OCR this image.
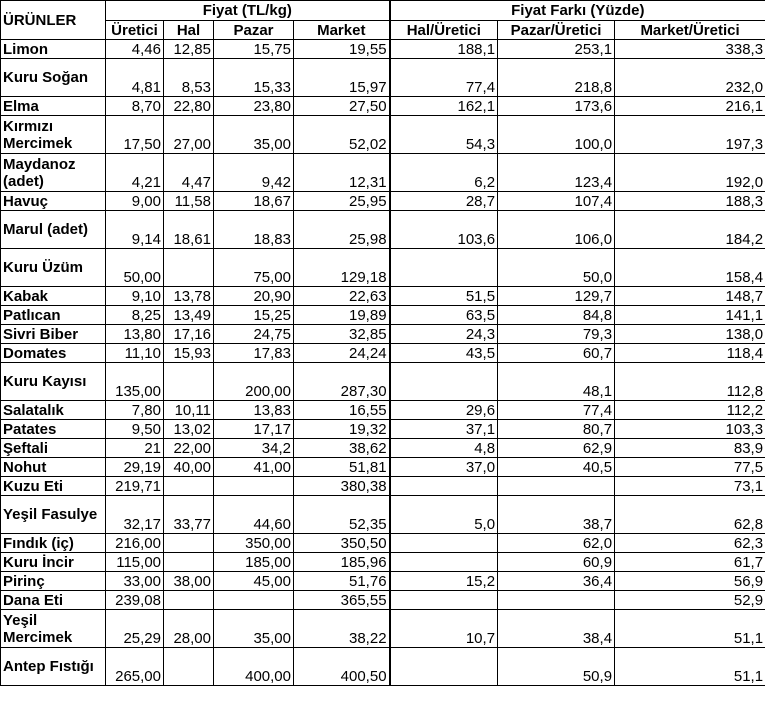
ÜRÜNLER	Fiyat (TL/kg)				Fiyat Farkı (Yüzde)		
	Üretici	Hal	Pazar	Market	Hal/Üretici	Pazar/Üretici	Market/Üretici
Limon	4,46	12,85	15,75	19,55	188,1	253,1	338,3
Kuru Soğan	4,81	8,53	15,33	15,97	77,4	218,8	232,0
Elma	8,70	22,80	23,80	27,50	162,1	173,6	216,1
Kırmızı Mercimek	17,50	27,00	35,00	52,02	54,3	100,0	197,3
Maydanoz (adet)	4,21	4,47	9,42	12,31	6,2	123,4	192,0
Havuç	9,00	11,58	18,67	25,95	28,7	107,4	188,3
Marul (adet)	9,14	18,61	18,83	25,98	103,6	106,0	184,2
Kuru Üzüm	50,00		75,00	129,18		50,0	158,4
Kabak	9,10	13,78	20,90	22,63	51,5	129,7	148,7
Patlıcan	8,25	13,49	15,25	19,89	63,5	84,8	141,1
Sivri Biber	13,80	17,16	24,75	32,85	24,3	79,3	138,0
Domates	11,10	15,93	17,83	24,24	43,5	60,7	118,4
Kuru Kayısı	135,00		200,00	287,30		48,1	112,8
Salatalık	7,80	10,11	13,83	16,55	29,6	77,4	112,2
Patates	9,50	13,02	17,17	19,32	37,1	80,7	103,3
Şeftali	21	22,00	34,2	38,62	4,8	62,9	83,9
Nohut	29,19	40,00	41,00	51,81	37,0	40,5	77,5
Kuzu Eti	219,71			380,38			73,1
Yeşil Fasulye	32,17	33,77	44,60	52,35	5,0	38,7	62,8
Fındık (iç)	216,00		350,00	350,50		62,0	62,3
Kuru İncir	115,00		185,00	185,96		60,9	61,7
Pirinç	33,00	38,00	45,00	51,76	15,2	36,4	56,9
Dana Eti	239,08			365,55			52,9
Yeşil Mercimek	25,29	28,00	35,00	38,22	10,7	38,4	51,1
Antep Fıstığı	265,00		400,00	400,50		50,9	51,1
